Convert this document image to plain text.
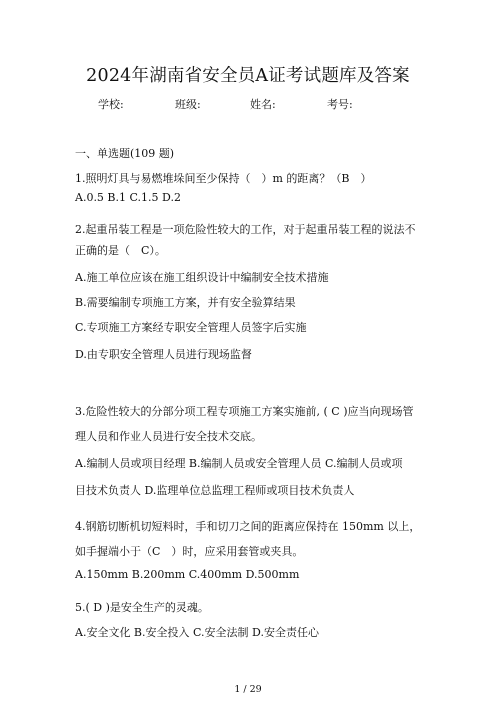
2024年湖南省安全员A证考试题库及答案
学校:	班级:	姓名:	考号:
一、单选题(109 题)
1.照明灯具与易燃堆垛间至少保持（　）m 的距离？（B　）
A.0.5 B.1 C.1.5 D.2
2.起重吊装工程是一项危险性较大的工作，对于起重吊装工程的说法不
正确的是（　C）。
A.施工单位应该在施工组织设计中编制安全技术措施
B.需要编制专项施工方案，并有安全验算结果
C.专项施工方案经专职安全管理人员签字后实施
D.由专职安全管理人员进行现场监督
3.危险性较大的分部分项工程专项施工方案实施前, ( C )应当向现场管
理人员和作业人员进行安全技术交底。
A.编制人员或项目经理 B.编制人员或安全管理人员 C.编制人员或项
目技术负责人 D.监理单位总监理工程师或项目技术负责人
4.钢筋切断机切短料时，手和切刀之间的距离应保持在 150mm 以上，
如手握端小于（C　）时，应采用套管或夹具。
A.150mm B.200mm C.400mm D.500mm
5.( D )是安全生产的灵魂。
A.安全文化 B.安全投入 C.安全法制 D.安全责任心
1 / 29
